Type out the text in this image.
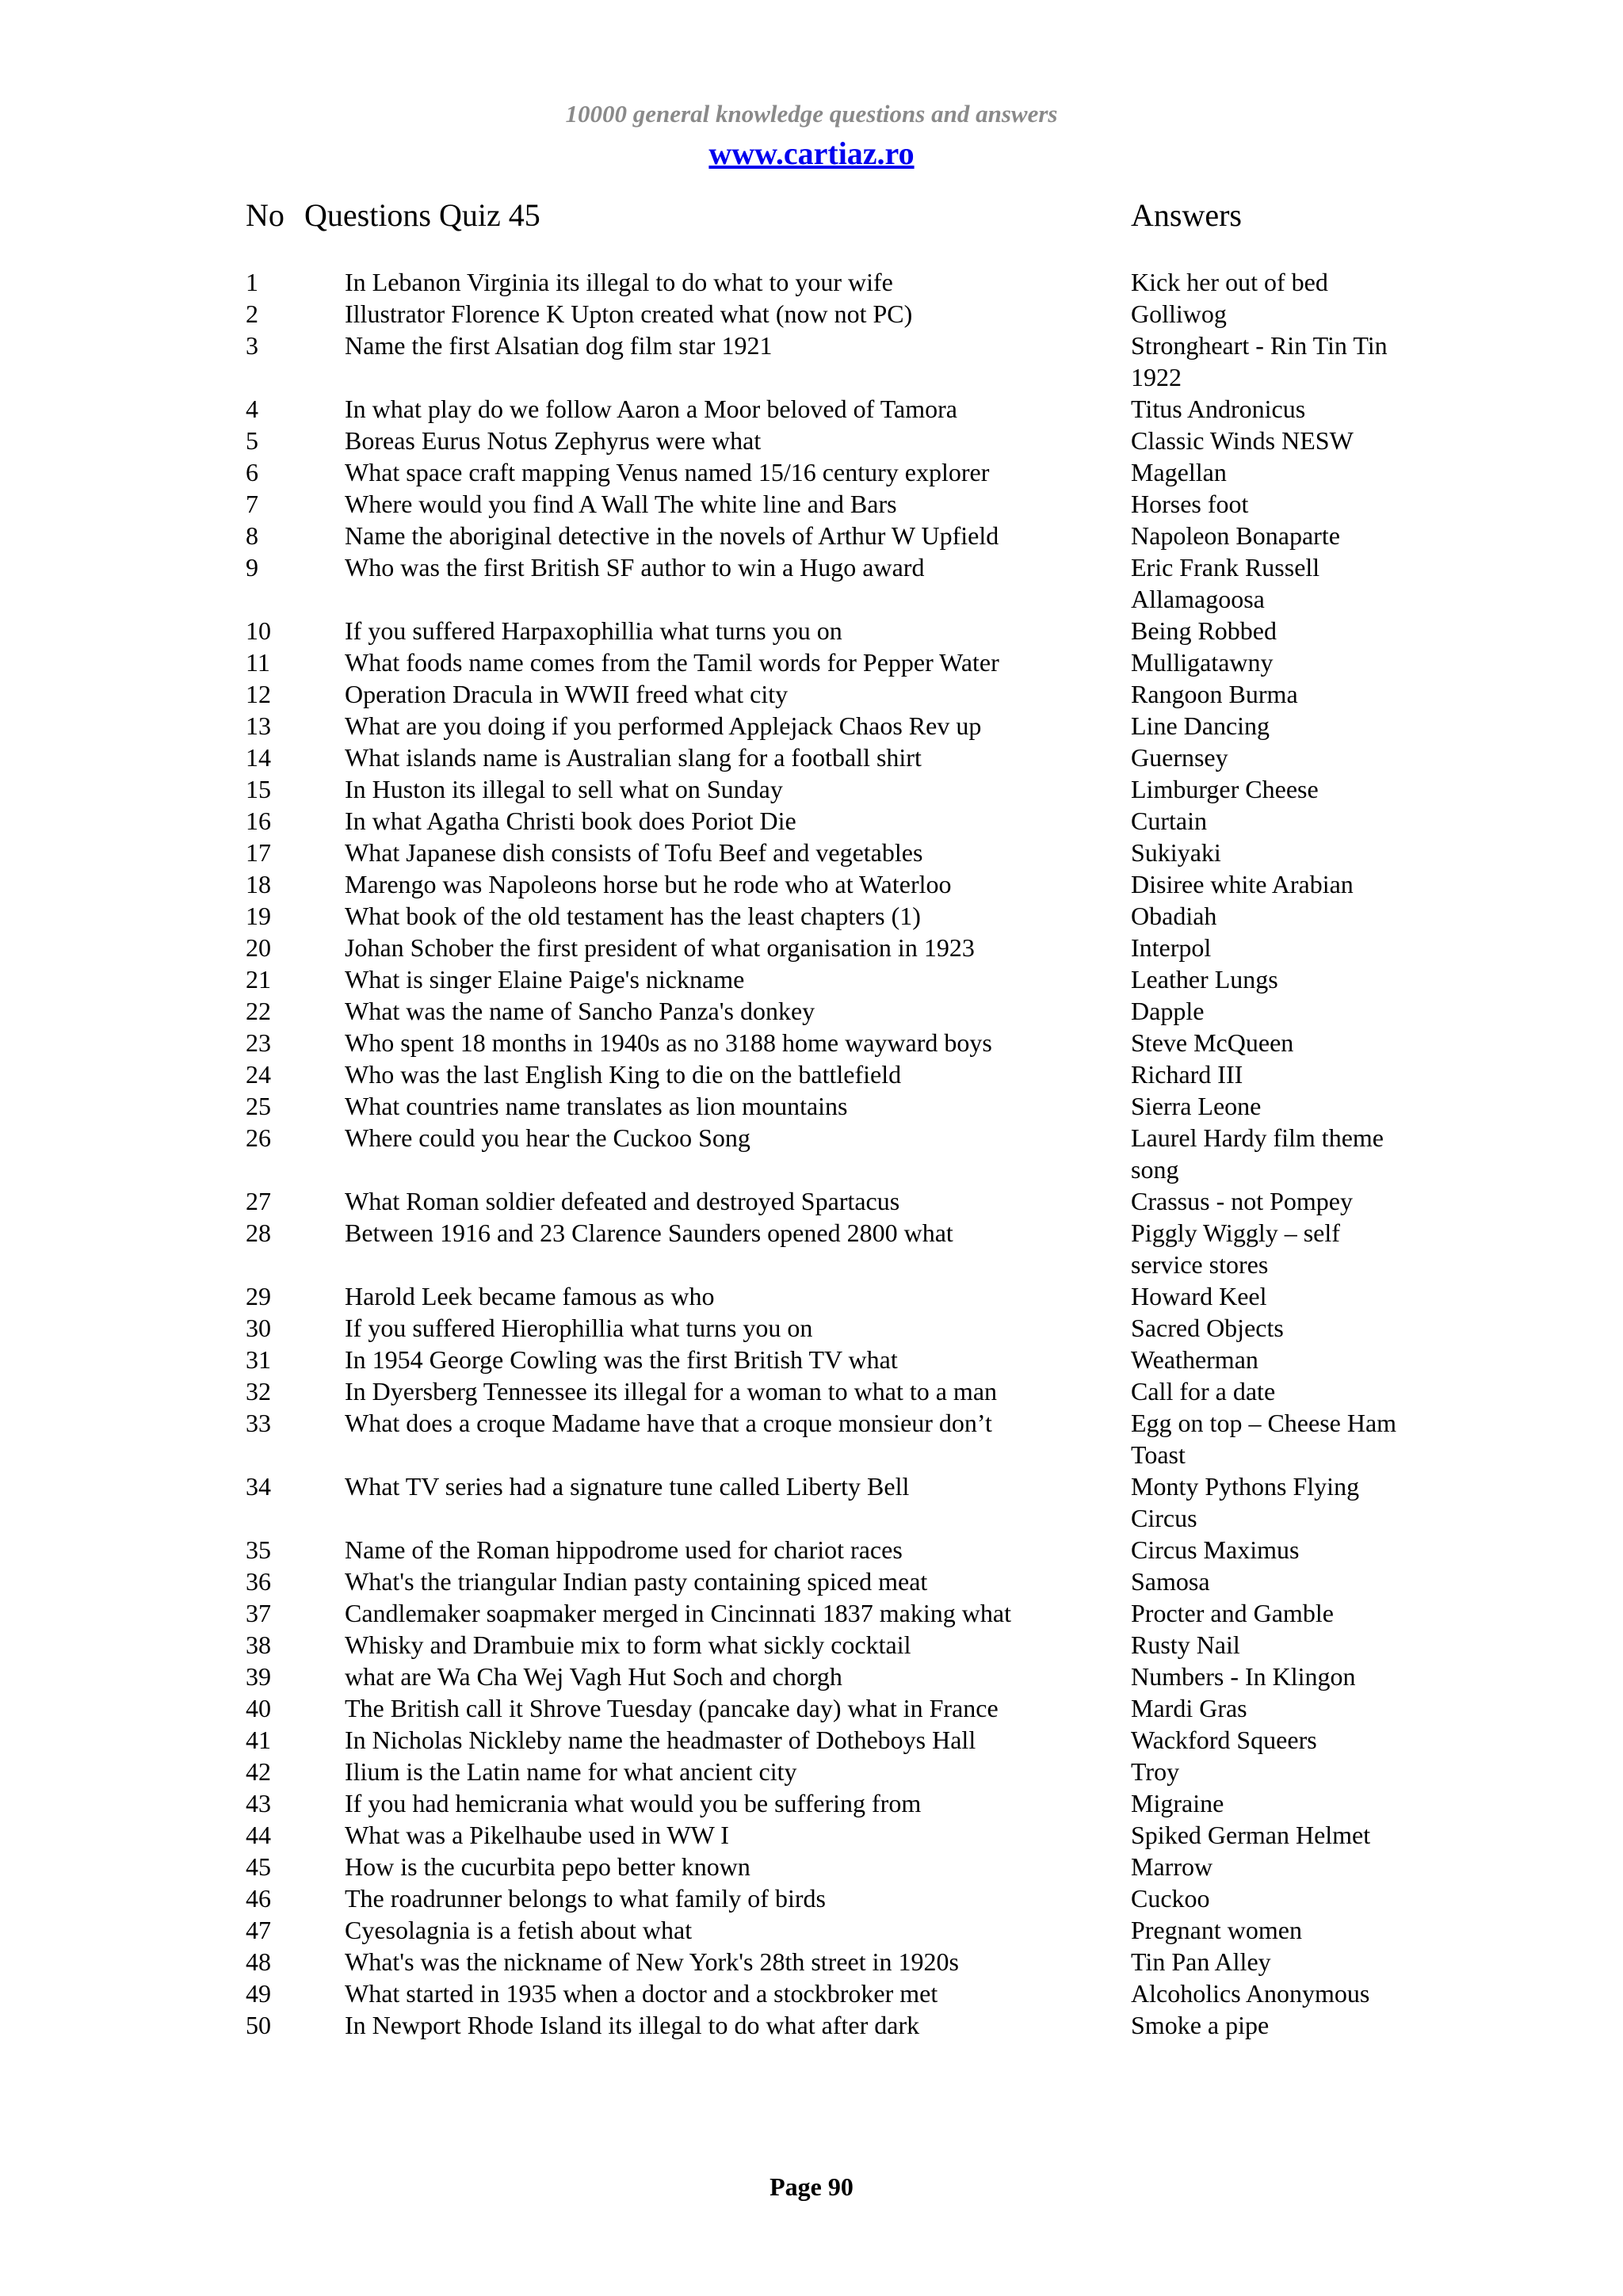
10000 general knowledge questions and answers
www.cartiaz.ro
No Questions Quiz 45	Answers
1	In Lebanon Virginia its illegal to do what to your wife	Kick her out of bed
2	Illustrator Florence K Upton created what (now not PC)	Golliwog
3	Name the first Alsatian dog film star 1921	Strongheart - Rin Tin Tin 1922
4	In what play do we follow Aaron a Moor beloved of Tamora	Titus Andronicus
5	Boreas Eurus Notus Zephyrus were what	Classic Winds NESW
6	What space craft mapping Venus named 15/16 century explorer	Magellan
7	Where would you find A Wall The white line and Bars	Horses foot
8	Name the aboriginal detective in the novels of Arthur W Upfield	Napoleon Bonaparte
9	Who was the first British SF author to win a Hugo award	Eric Frank Russell Allamagoosa
10	If you suffered Harpaxophillia what turns you on	Being Robbed
11	What foods name comes from the Tamil words for Pepper Water	Mulligatawny
12	Operation Dracula in WWII freed what city	Rangoon Burma
13	What are you doing if you performed Applejack Chaos Rev up	Line Dancing
14	What islands name is Australian slang for a football shirt	Guernsey
15	In Huston its illegal to sell what on Sunday	Limburger Cheese
16	In what Agatha Christi book does Poriot Die	Curtain
17	What Japanese dish consists of Tofu Beef and vegetables	Sukiyaki
18	Marengo was Napoleons horse but he rode who at Waterloo	Disiree white Arabian
19	What book of the old testament has the least chapters (1)	Obadiah
20	Johan Schober the first president of what organisation in 1923	Interpol
21	What is singer Elaine Paige's nickname	Leather Lungs
22	What was the name of Sancho Panza's donkey	Dapple
23	Who spent 18 months in 1940s as no 3188 home wayward boys	Steve McQueen
24	Who was the last English King to die on the battlefield	Richard III
25	What countries name translates as lion mountains	Sierra Leone
26	Where could you hear the Cuckoo Song	Laurel Hardy film theme song
27	What Roman soldier defeated and destroyed Spartacus	Crassus - not Pompey
28	Between 1916 and 23 Clarence Saunders opened 2800 what	Piggly Wiggly – self service stores
29	Harold Leek became famous as who	Howard Keel
30	If you suffered Hierophillia what turns you on	Sacred Objects
31	In 1954 George Cowling was the first British TV what	Weatherman
32	In Dyersberg Tennessee its illegal for a woman to what to a man	Call for a date
33	What does a croque Madame have that a croque monsieur don’t	Egg on top – Cheese Ham Toast
34	What TV series had a signature tune called Liberty Bell	Monty Pythons Flying Circus
35	Name of the Roman hippodrome used for chariot races	Circus Maximus
36	What's the triangular Indian pasty containing spiced meat	Samosa
37	Candlemaker soapmaker merged in Cincinnati 1837 making what	Procter and Gamble
38	Whisky and Drambuie mix to form what sickly cocktail	Rusty Nail
39	what are Wa Cha Wej Vagh Hut Soch and chorgh	Numbers - In Klingon
40	The British call it Shrove Tuesday (pancake day) what in France	Mardi Gras
41	In Nicholas Nickleby name the headmaster of Dotheboys Hall	Wackford Squeers
42	Ilium is the Latin name for what ancient city	Troy
43	If you had hemicrania what would you be suffering from	Migraine
44	What was a Pikelhaube used in WW I	Spiked German Helmet
45	How is the cucurbita pepo better known	Marrow
46	The roadrunner belongs to what family of birds	Cuckoo
47	Cyesolagnia is a fetish about what	Pregnant women
48	What's was the nickname of New York's 28th street in 1920s	Tin Pan Alley
49	What started in 1935 when a doctor and a stockbroker met	Alcoholics Anonymous
50	In Newport Rhode Island its illegal to do what after dark	Smoke a pipe
Page 90
